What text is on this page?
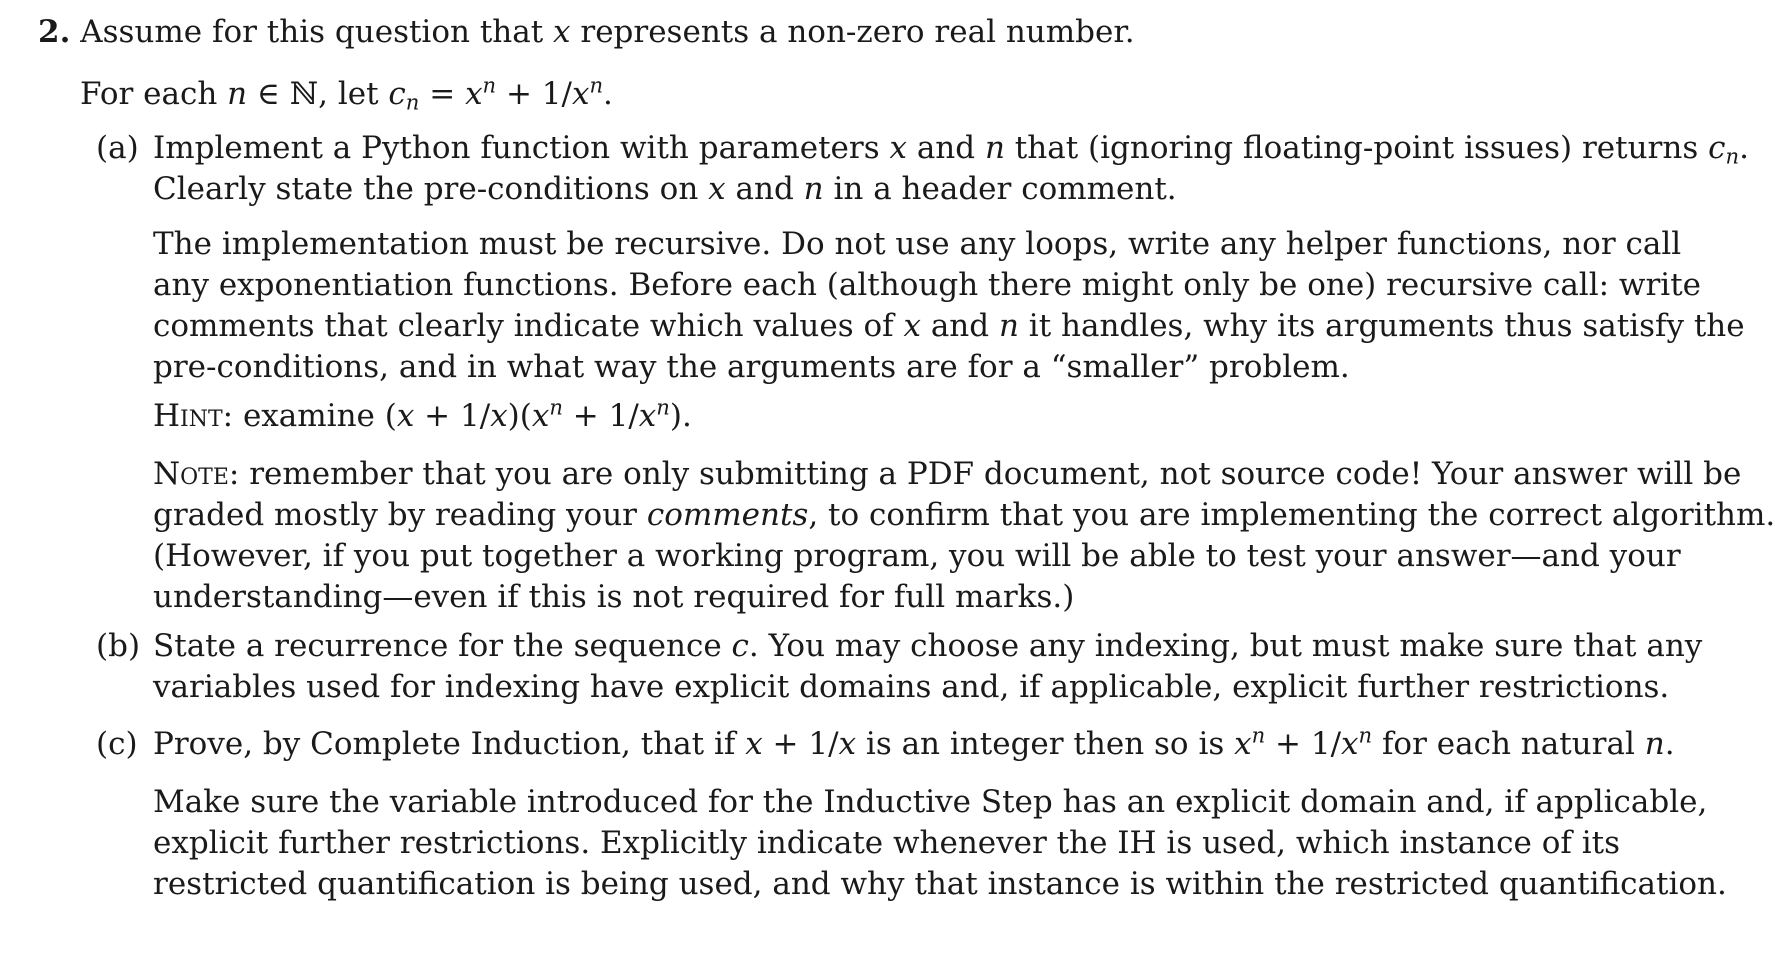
2. Assume for this question that x represents a non-zero real number.
For each n ∈ ℕ, let $c_n = x^n + 1/x^n$.
(a) Implement a Python function with parameters x and n that (ignoring floating-point issues) returns $c_n$.
Clearly state the pre-conditions on x and n in a header comment.
The implementation must be recursive. Do not use any loops, write any helper functions, nor call
any exponentiation functions. Before each (although there might only be one) recursive call: write
comments that clearly indicate which values of x and n it handles, why its arguments thus satisfy the
pre-conditions, and in what way the arguments are for a “smaller” problem.
Hint: examine $(x + 1/x)(x^n + 1/x^n)$.
Note: remember that you are only submitting a PDF document, not source code! Your answer will be
graded mostly by reading your comments, to confirm that you are implementing the correct algorithm.
(However, if you put together a working program, you will be able to test your answer—and your
understanding—even if this is not required for full marks.)
(b) State a recurrence for the sequence c. You may choose any indexing, but must make sure that any
variables used for indexing have explicit domains and, if applicable, explicit further restrictions.
(c) Prove, by Complete Induction, that if x + 1/x is an integer then so is $x^n + 1/x^n$ for each natural n.
Make sure the variable introduced for the Inductive Step has an explicit domain and, if applicable,
explicit further restrictions. Explicitly indicate whenever the IH is used, which instance of its
restricted quantification is being used, and why that instance is within the restricted quantification.
